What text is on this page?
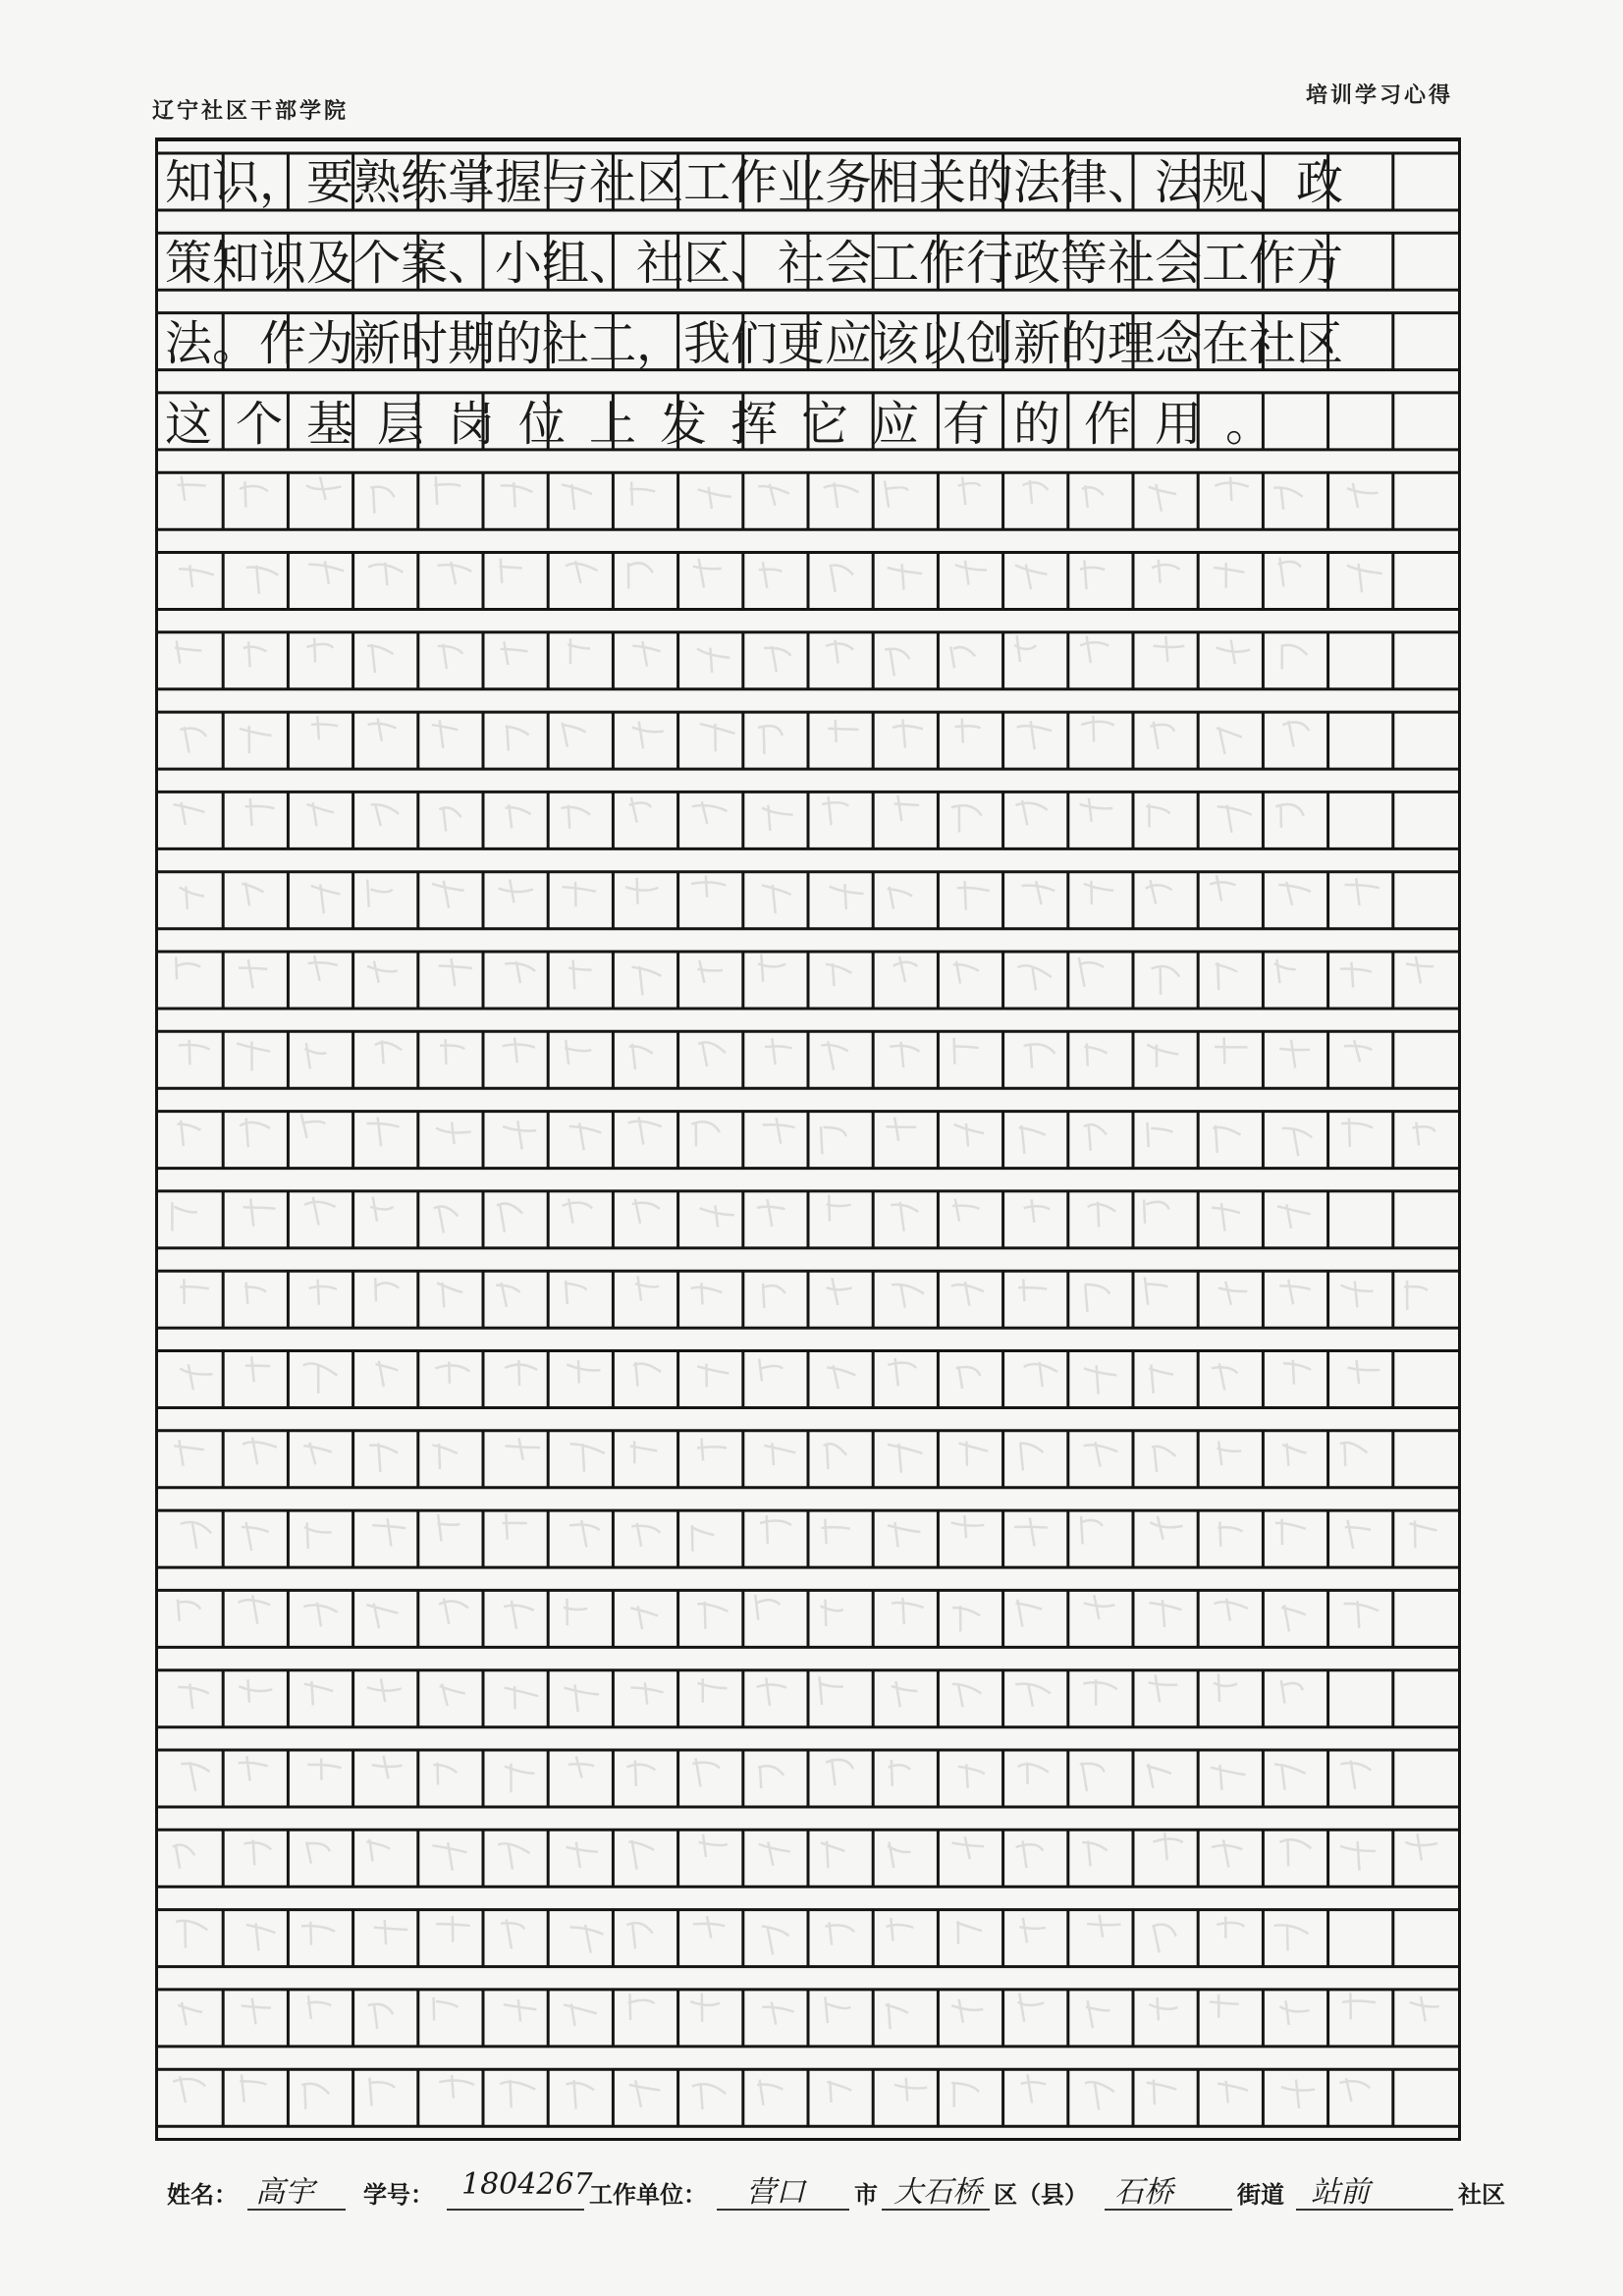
辽宁社区干部学院
培训学习心得
知识，要熟练掌握与社区工作业务相关的法律、法规、政
策知识及个案、小组、社区、社会工作行政等社会工作方
法。作为新时期的社工，我们更应该以创新的理念在社区
这个基层岗位上发挥它应有的作用。
姓名： 高宇 学号： 1804267
工作单位： 营口 市 大石桥 区（县） 石桥	街道 站前	社区
